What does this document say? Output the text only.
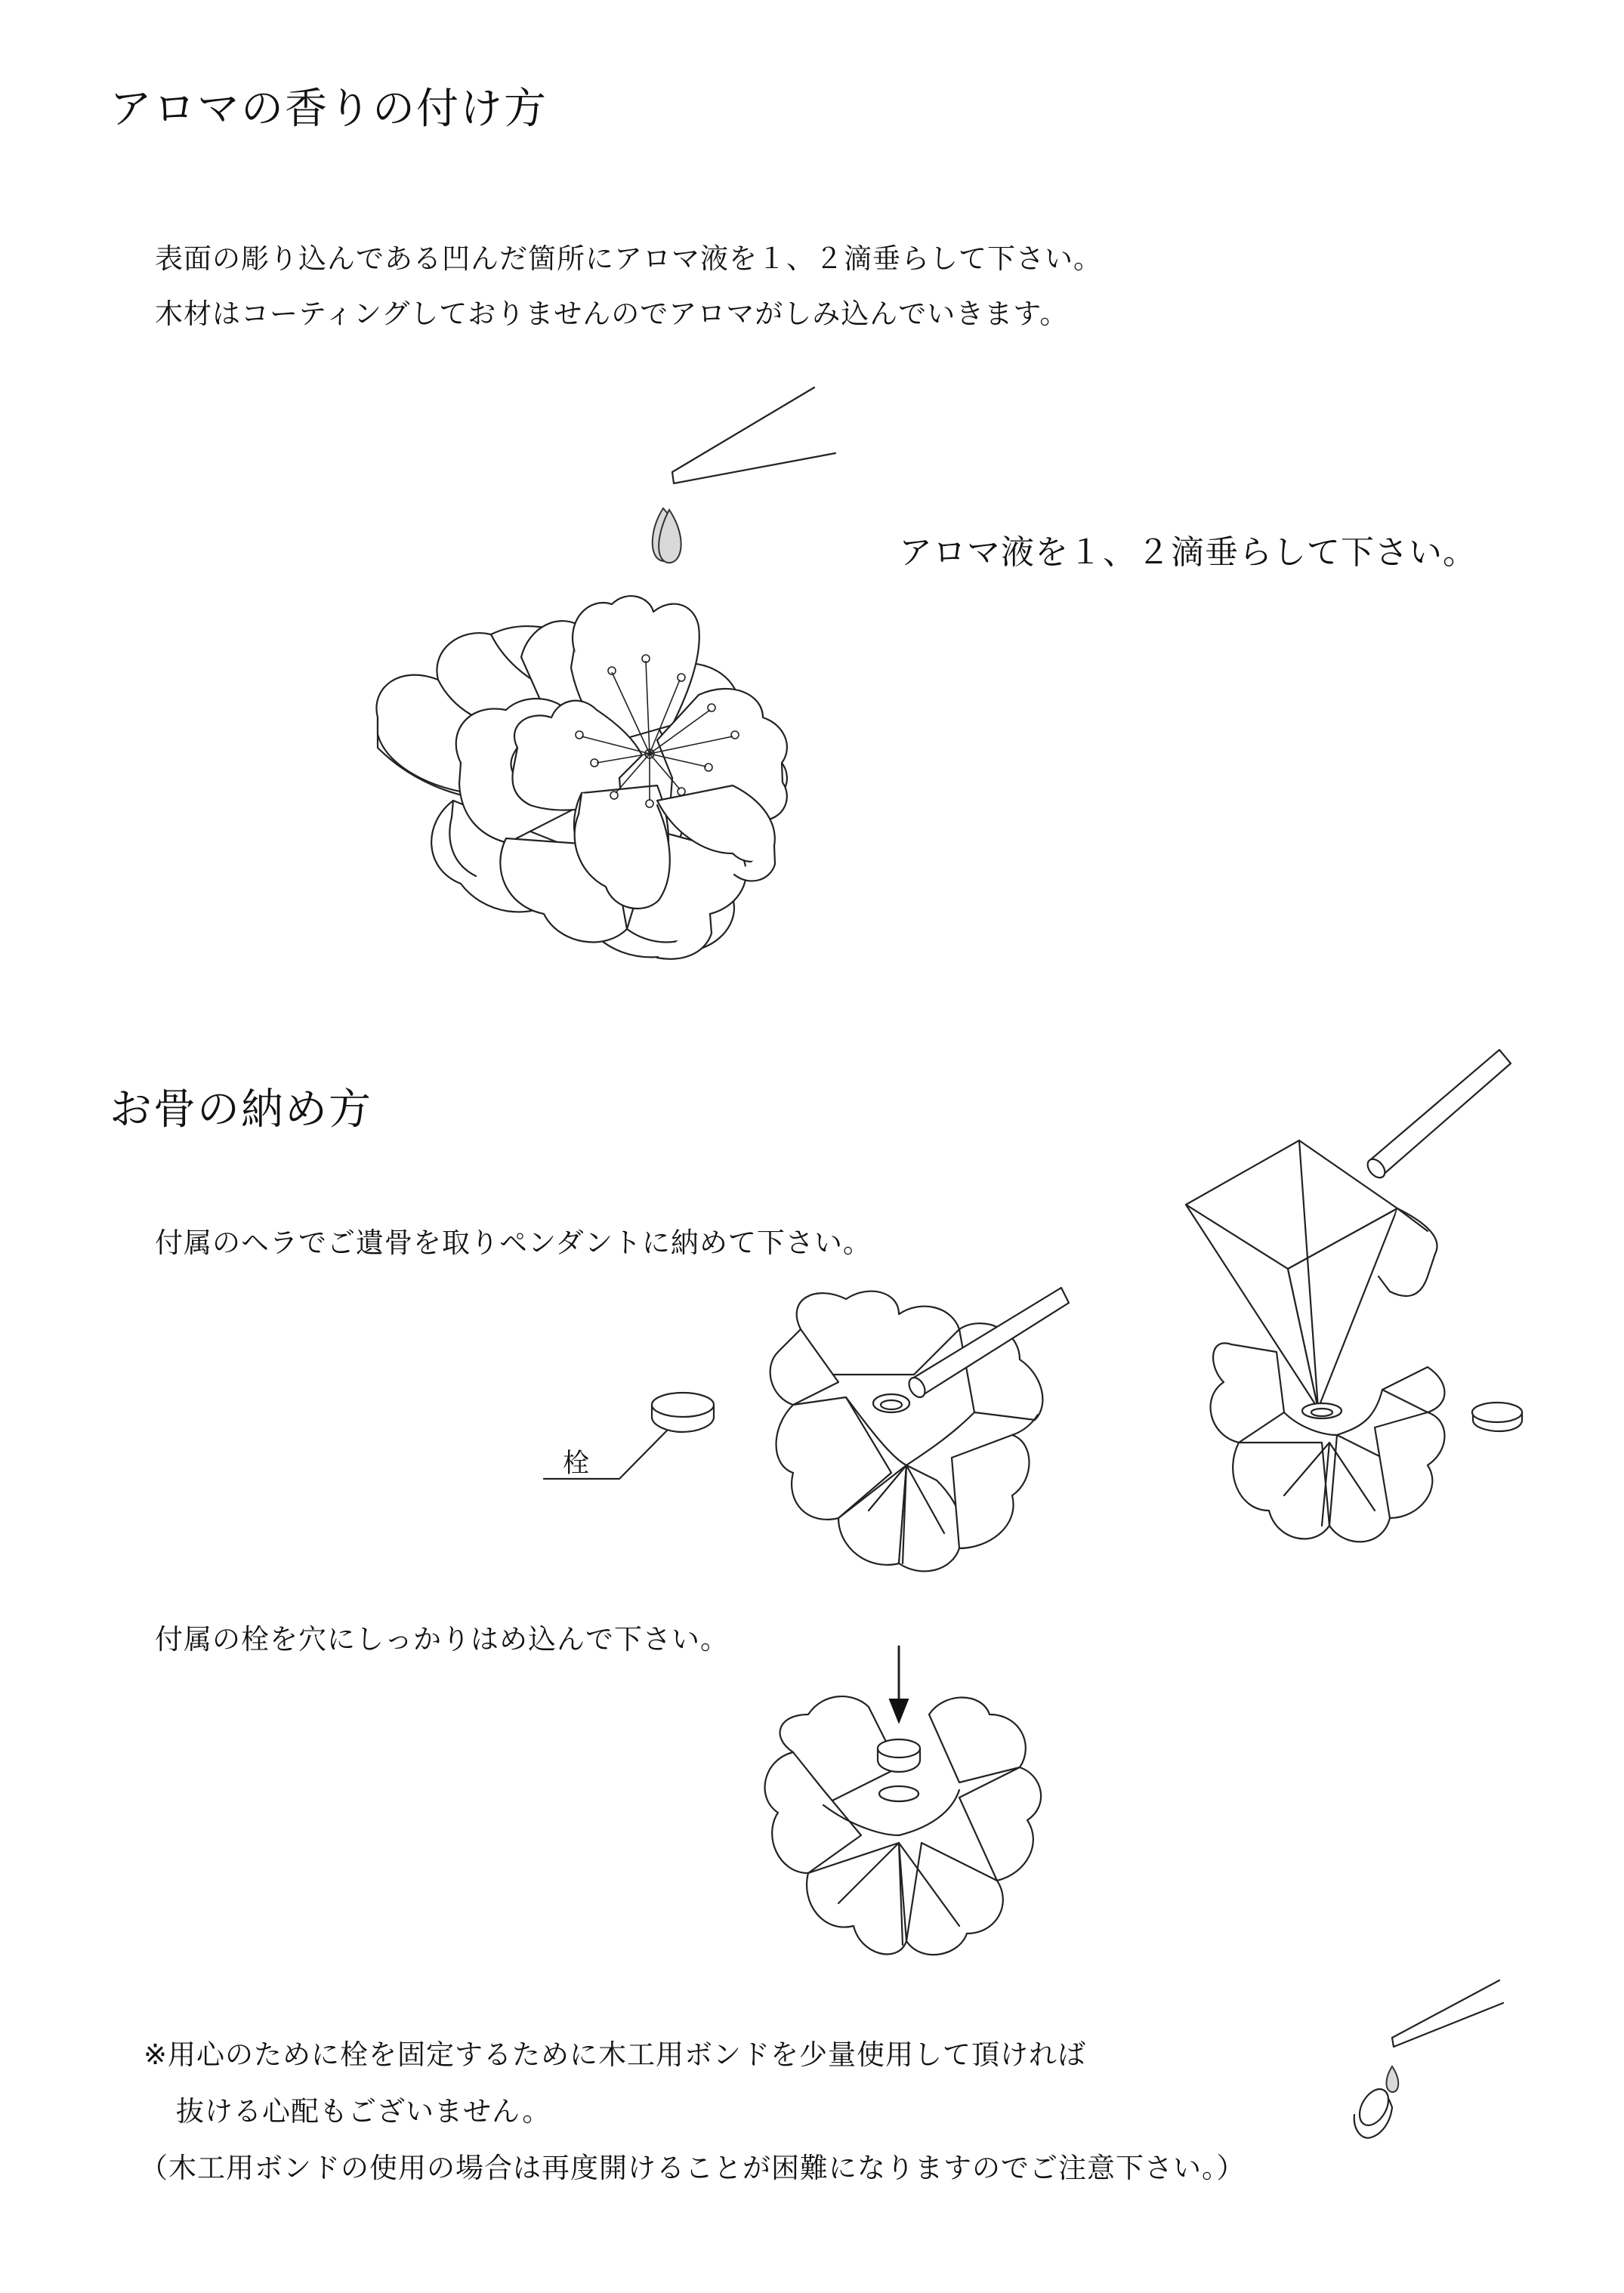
アロマの香りの付け方
表面の彫り込んである凹んだ箇所にアロマ液を１、２滴垂らして下さい。
木材はコーティングしておりませんのでアロマがしみ込んでいきます。
アロマ液を１、２滴垂らして下さい。
お骨の納め方
付属のヘラでご遺骨を取りペンダントに納めて下さい。
栓
付属の栓を穴にしっかりはめ込んで下さい。
※用心のために栓を固定するために木工用ボンドを少量使用して頂ければ
抜ける心配もございません。
（木工用ボンドの使用の場合は再度開けることが困難になりますのでご注意下さい。）
